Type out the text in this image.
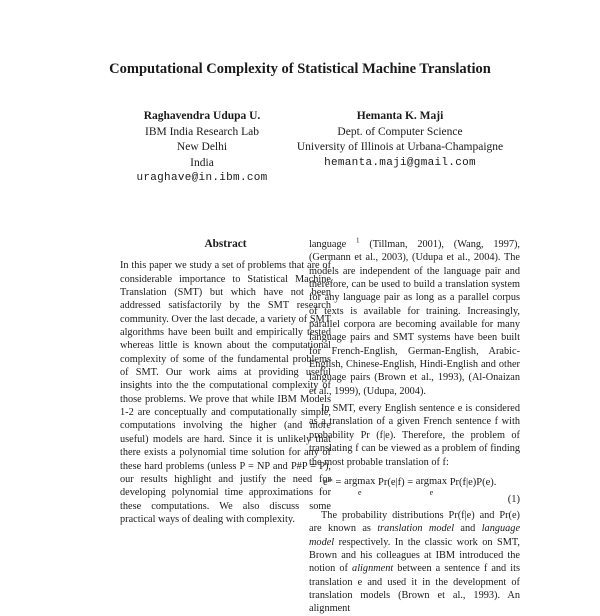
Computational Complexity of Statistical Machine Translation
Raghavendra Udupa U.
IBM India Research Lab
New Delhi
India
uraghave@in.ibm.com
Hemanta K. Maji
Dept. of Computer Science
University of Illinois at Urbana-Champaigne
hemanta.maji@gmail.com
Abstract

In this paper we study a set of problems that are of considerable importance to Statistical Machine Translation (SMT) but which have not been addressed satisfactorily by the SMT research community. Over the last decade, a variety of SMT algorithms have been built and empirically tested whereas little is known about the computational complexity of some of the fundamental problems of SMT. Our work aims at providing useful insights into the the computational complexity of those problems. We prove that while IBM Models 1-2 are conceptually and computationally simple, computations involving the higher (and more useful) models are hard. Since it is unlikely that there exists a polynomial time solution for any of these hard problems (unless P = NP and P#P = P), our results highlight and justify the need for developing polynomial time approximations for these computations. We also discuss some practical ways of dealing with complexity.

language $^1$ (Tillman, 2001), (Wang, 1997), (Germann et al., 2003), (Udupa et al., 2004). The models are independent of the language pair and therefore, can be used to build a translation system for any language pair as long as a parallel corpus of texts is available for training. Increasingly, parallel corpora are becoming available for many language pairs and SMT systems have been built for French-English, German-English, Arabic-English, Chinese-English, Hindi-English and other language pairs (Brown et al., 1993), (Al-Onaizan et al., 1999), (Udupa, 2004).

In SMT, every English sentence e is considered as a translation of a given French sentence f with probability Pr (f|e). Therefore, the problem of translating f can be viewed as a problem of finding the most probable translation of f:

e* = argmax
e
Pr(e|f) = argmax
e
Pr(f|e)P(e).
(1)

The probability distributions Pr(f|e) and Pr(e) are known as translation model and language model respectively. In the classic work on SMT, Brown and his colleagues at IBM introduced the notion of alignment between a sentence f and its translation e and used it in the development of translation models (Brown et al., 1993). An alignment
